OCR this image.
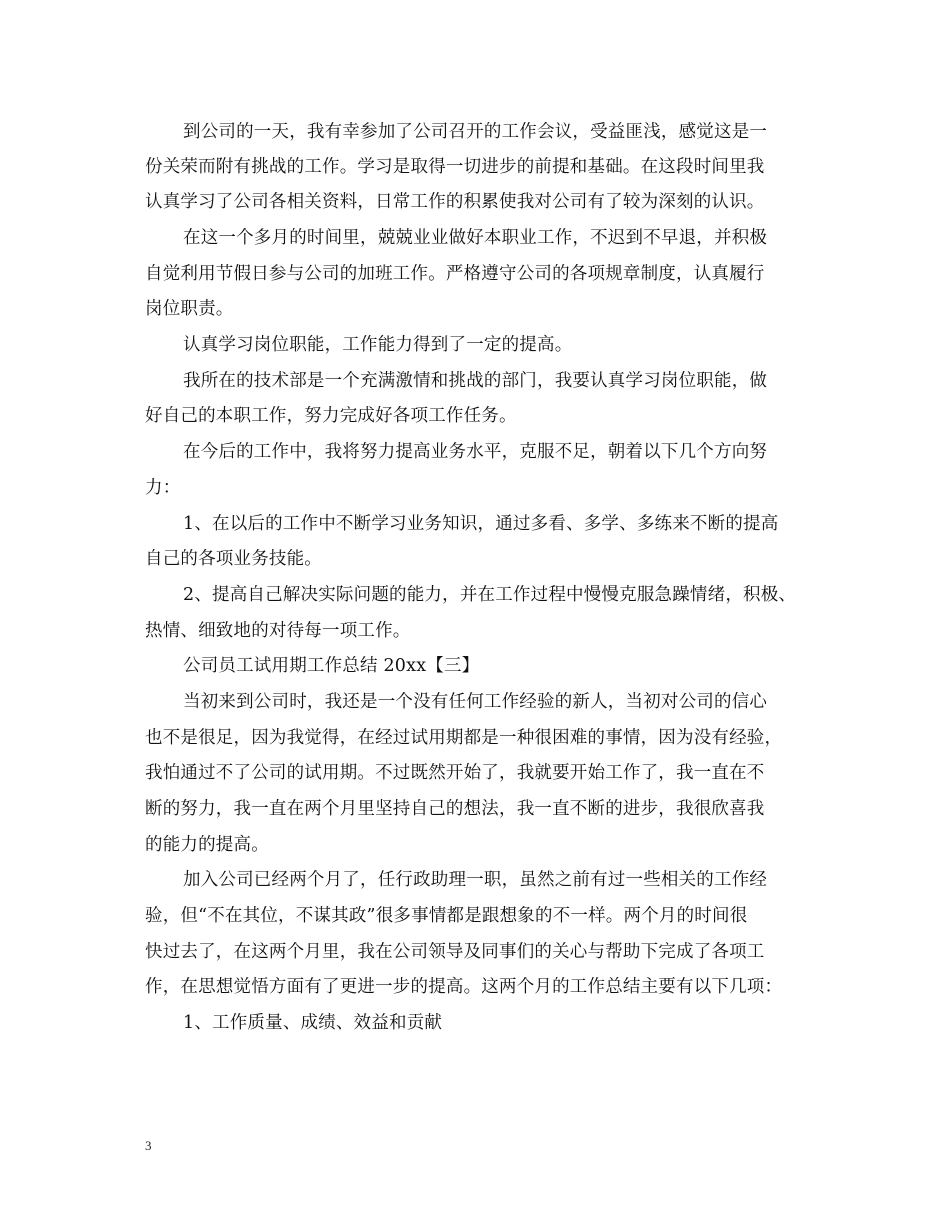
到公司的一天，我有幸参加了公司召开的工作会议，受益匪浅，感觉这是一

份关荣而附有挑战的工作。学习是取得一切进步的前提和基础。在这段时间里我

认真学习了公司各相关资料，日常工作的积累使我对公司有了较为深刻的认识。

在这一个多月的时间里，兢兢业业做好本职业工作，不迟到不早退，并积极

自觉利用节假日参与公司的加班工作。严格遵守公司的各项规章制度，认真履行

岗位职责。

认真学习岗位职能，工作能力得到了一定的提高。

我所在的技术部是一个充满激情和挑战的部门，我要认真学习岗位职能，做

好自己的本职工作，努力完成好各项工作任务。

在今后的工作中，我将努力提高业务水平，克服不足，朝着以下几个方向努

力：

1、在以后的工作中不断学习业务知识，通过多看、多学、多练来不断的提高

自己的各项业务技能。

2、提高自己解决实际问题的能力，并在工作过程中慢慢克服急躁情绪，积极、

热情、细致地的对待每一项工作。

公司员工试用期工作总结 20xx【三】

当初来到公司时，我还是一个没有任何工作经验的新人，当初对公司的信心

也不是很足，因为我觉得，在经过试用期都是一种很困难的事情，因为没有经验，

我怕通过不了公司的试用期。不过既然开始了，我就要开始工作了，我一直在不

断的努力，我一直在两个月里坚持自己的想法，我一直不断的进步，我很欣喜我

的能力的提高。

加入公司已经两个月了，任行政助理一职，虽然之前有过一些相关的工作经

验，但“不在其位，不谋其政”很多事情都是跟想象的不一样。两个月的时间很

快过去了，在这两个月里，我在公司领导及同事们的关心与帮助下完成了各项工

作，在思想觉悟方面有了更进一步的提高。这两个月的工作总结主要有以下几项：

1、工作质量、成绩、效益和贡献

3
